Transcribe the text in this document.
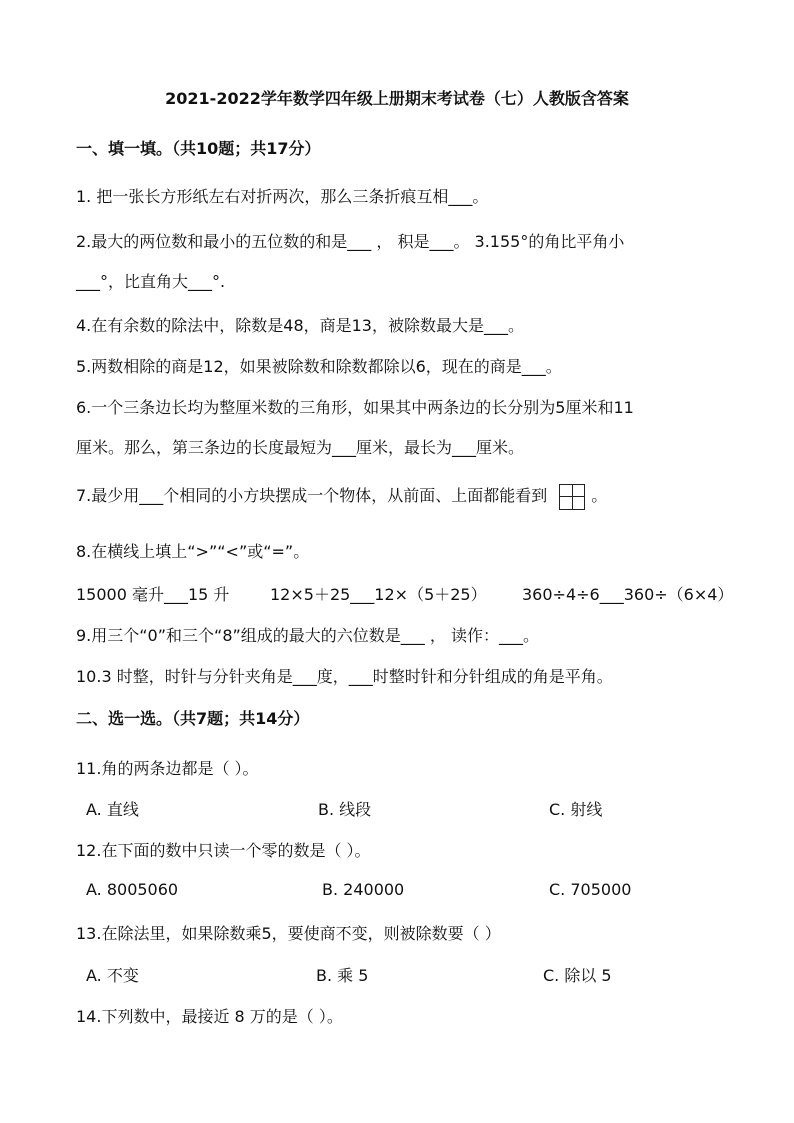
2021-2022学年数学四年级上册期末考试卷（七）人教版含答案
一、填一填。（共10题；共17分）
1. 把一张长方形纸左右对折两次，那么三条折痕互相___。
2.最大的两位数和最小的五位数的和是___ ， 积是___。 3.155°的角比平角小
___°，比直角大___°.
4.在有余数的除法中，除数是48，商是13，被除数最大是___。
5.两数相除的商是12，如果被除数和除数都除以6，现在的商是___。
6.一个三条边长均为整厘米数的三角形，如果其中两条边的长分别为5厘米和11
厘米。那么，第三条边的长度最短为___厘米，最长为___厘米。
7.最少用___个相同的小方块摆成一个物体，从前面、上面都能看到	。
8.在横线上填上“>”“<”或“=”。
15000 毫升___15 升	12×5＋25___12×（5＋25） 360÷4÷6___360÷（6×4）
9.用三个“0”和三个“8”组成的最大的六位数是___ ， 读作：___。
10.3 时整，时针与分针夹角是___度，___时整时针和分针组成的角是平角。
二、选一选。（共7题；共14分）
11.角的两条边都是（ ）。
A. 直线	B. 线段	C. 射线
12.在下面的数中只读一个零的数是（ ）。
A. 8005060	B. 240000	C. 705000
13.在除法里，如果除数乘5，要使商不变，则被除数要（ ）
A. 不变	B. 乘 5	C. 除以 5
14.下列数中，最接近 8 万的是（ ）。
